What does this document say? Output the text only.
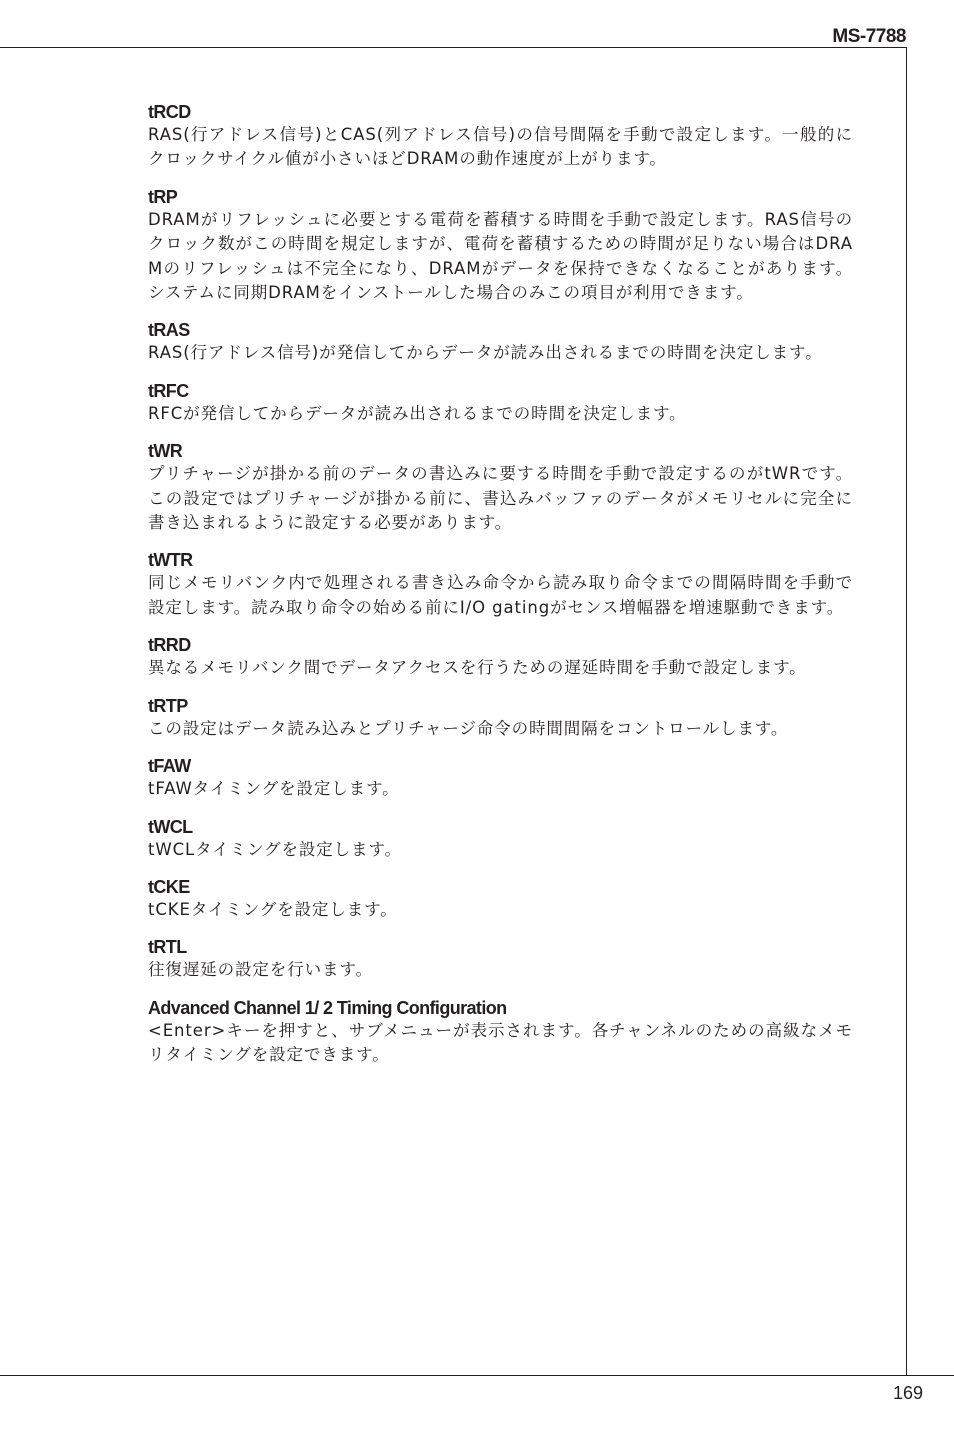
MS-7788
tRCD
RAS(行アドレス信号)とCAS(列アドレス信号)の信号間隔を手動で設定します。一般的にクロックサイクル値が小さいほどDRAMの動作速度が上がります。
tRP
DRAMがリフレッシュに必要とする電荷を蓄積する時間を手動で設定します。RAS信号のクロック数がこの時間を規定しますが、電荷を蓄積するための時間が足りない場合はDRAMのリフレッシュは不完全になり、DRAMがデータを保持できなくなることがあります。システムに同期DRAMをインストールした場合のみこの項目が利用できます。
tRAS
RAS(行アドレス信号)が発信してからデータが読み出されるまでの時間を決定します。
tRFC
RFCが発信してからデータが読み出されるまでの時間を決定します。
tWR
プリチャージが掛かる前のデータの書込みに要する時間を手動で設定するのがtWRです。この設定ではプリチャージが掛かる前に、書込みバッファのデータがメモリセルに完全に書き込まれるように設定する必要があります。
tWTR
同じメモリバンク内で処理される書き込み命令から読み取り命令までの間隔時間を手動で設定します。読み取り命令の始める前にI/O gatingがセンス増幅器を増速駆動できます。
tRRD
異なるメモリバンク間でデータアクセスを行うための遅延時間を手動で設定します。
tRTP
この設定はデータ読み込みとプリチャージ命令の時間間隔をコントロールします。
tFAW
tFAWタイミングを設定します。
tWCL
tWCLタイミングを設定します。
tCKE
tCKEタイミングを設定します。
tRTL
往復遅延の設定を行います。
Advanced Channel 1/ 2 Timing Configuration
<Enter>キーを押すと、サブメニューが表示されます。各チャンネルのための高級なメモリタイミングを設定できます。
169
